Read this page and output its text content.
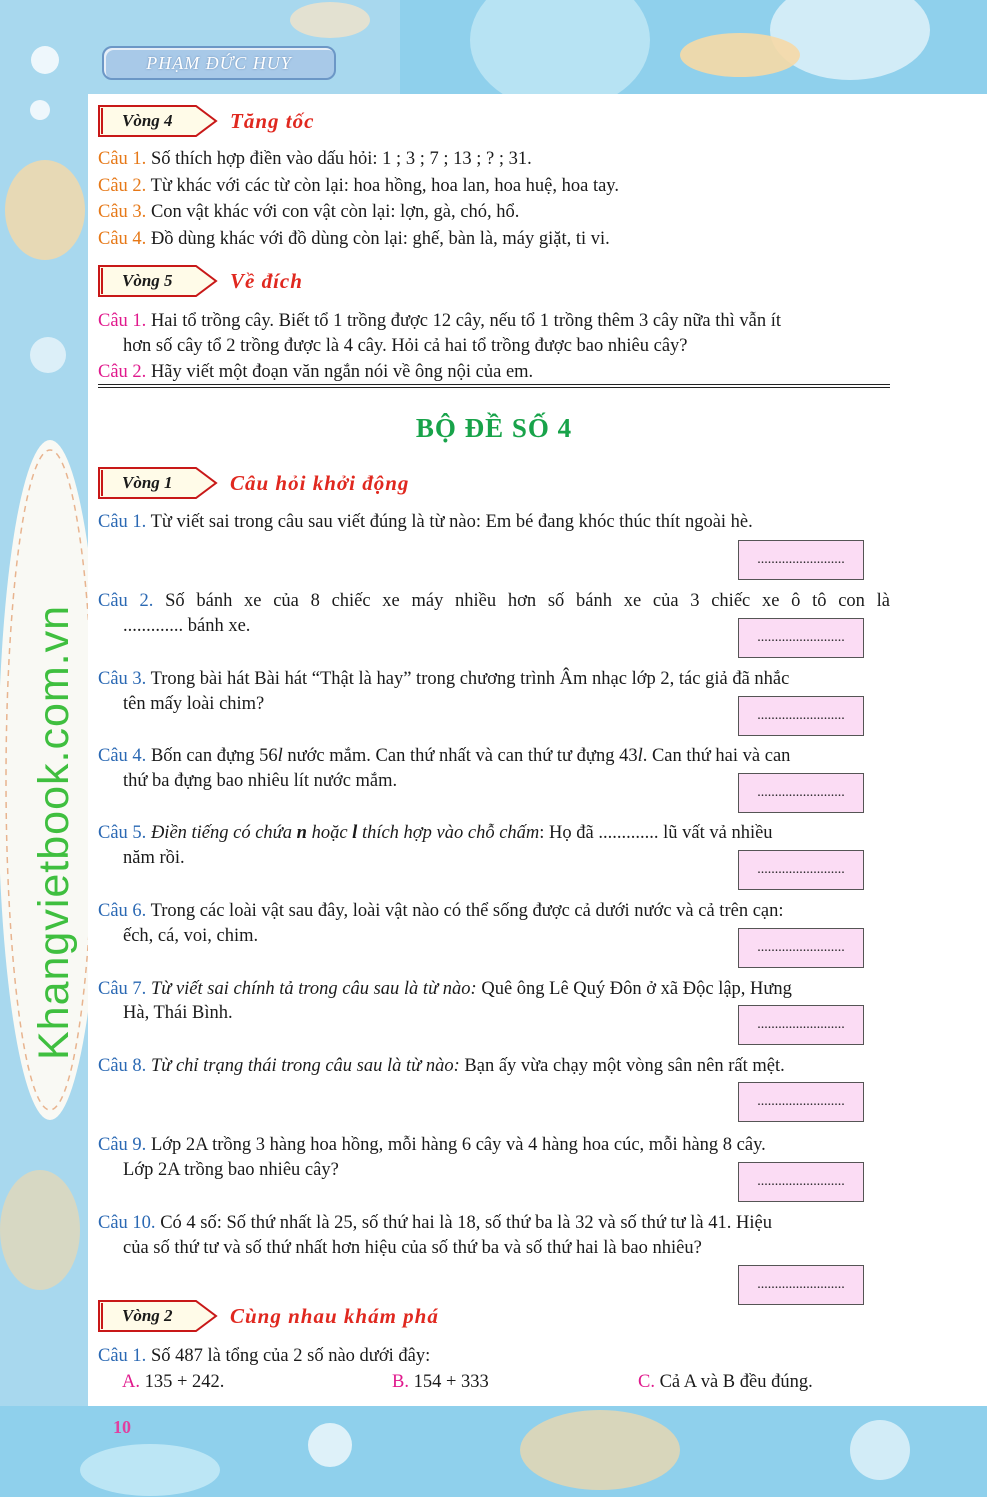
Khangvietbook.com.vn
PHẠM ĐỨC HUY
Vòng 4	Tăng tốc
Câu 1. Số thích hợp điền vào dấu hỏi: 1 ; 3 ; 7 ; 13 ; ? ; 31.
Câu 2. Từ khác với các từ còn lại: hoa hồng, hoa lan, hoa huệ, hoa tay.
Câu 3. Con vật khác với con vật còn lại: lợn, gà, chó, hổ.
Câu 4. Đồ dùng khác với đồ dùng còn lại: ghế, bàn là, máy giặt, ti vi.
Vòng 5	Về đích
Câu 1. Hai tổ trồng cây. Biết tổ 1 trồng được 12 cây, nếu tổ 1 trồng thêm 3 cây nữa thì vẫn ít
hơn số cây tổ 2 trồng được là 4 cây. Hỏi cả hai tổ trồng được bao nhiêu cây?
Câu 2. Hãy viết một đoạn văn ngắn nói về ông nội của em.
BỘ ĐỀ SỐ 4
Vòng 1	Câu hỏi khởi động
Câu 1. Từ viết sai trong câu sau viết đúng là từ nào: Em bé đang khóc thúc thít ngoài hè.
.........................
Câu 2. Số bánh xe của 8 chiếc xe máy nhiều hơn số bánh xe của 3 chiếc xe ô tô con là
............. bánh xe.
.........................
Câu 3. Trong bài hát Bài hát “Thật là hay” trong chương trình Âm nhạc lớp 2, tác giả đã nhắc
tên mấy loài chim?
.........................
Câu 4. Bốn can đựng 56l nước mắm. Can thứ nhất và can thứ tư đựng 43l. Can thứ hai và can
thứ ba đựng bao nhiêu lít nước mắm.
.........................
Câu 5. Điền tiếng có chứa n hoặc l thích hợp vào chỗ chấm: Họ đã ............. lũ vất vả nhiều
năm rồi.
.........................
Câu 6. Trong các loài vật sau đây, loài vật nào có thể sống được cả dưới nước và cả trên cạn:
ếch, cá, voi, chim.
.........................
Câu 7. Từ viết sai chính tả trong câu sau là từ nào: Quê ông Lê Quý Đôn ở xã Độc lập, Hưng
Hà, Thái Bình.
.........................
Câu 8. Từ chỉ trạng thái trong câu sau là từ nào: Bạn ấy vừa chạy một vòng sân nên rất mệt.
.........................
Câu 9. Lớp 2A trồng 3 hàng hoa hồng, mỗi hàng 6 cây và 4 hàng hoa cúc, mỗi hàng 8 cây.
Lớp 2A trồng bao nhiêu cây?
.........................
Câu 10. Có 4 số: Số thứ nhất là 25, số thứ hai là 18, số thứ ba là 32 và số thứ tư là 41. Hiệu
của số thứ tư và số thứ nhất hơn hiệu của số thứ ba và số thứ hai là bao nhiêu?
.........................
Vòng 2	Cùng nhau khám phá
Câu 1. Số 487 là tổng của 2 số nào dưới đây:
A. 135 + 242.	B. 154 + 333	C. Cả A và B đều đúng.
10
